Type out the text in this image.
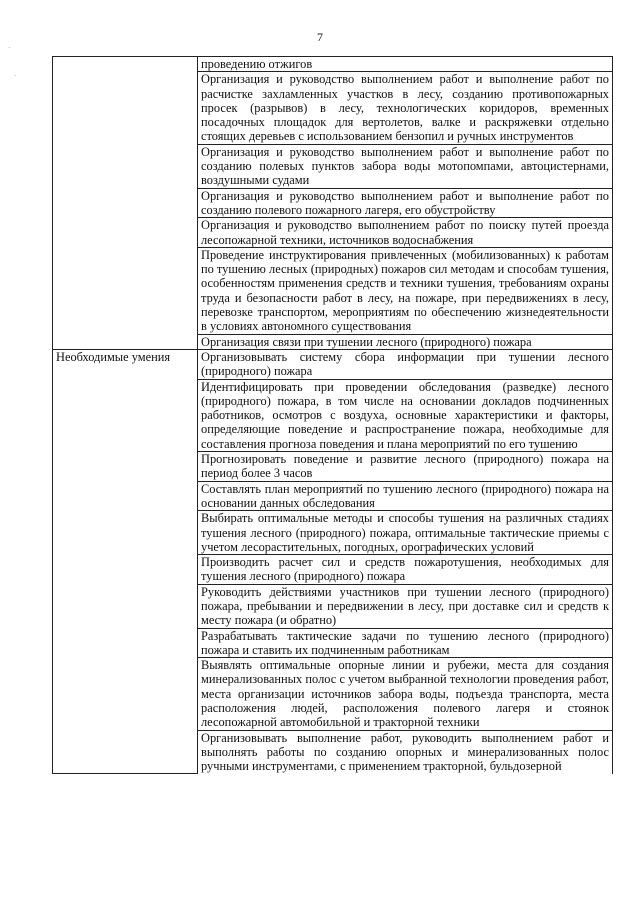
7
·
·
	проведению отжигов
	Организация и руководство выполнением работ и выполнение работ по расчистке захламленных участков в лесу, созданию противопожарных просек (разрывов) в лесу, технологических коридоров, временных посадочных площадок для вертолетов, валке и раскряжевки отдельно стоящих деревьев с использованием бензопил и ручных инструментов
	Организация и руководство выполнением работ и выполнение работ по созданию полевых пунктов забора воды мотопомпами, автоцистернами, воздушными судами
	Организация и руководство выполнением работ и выполнение работ по созданию полевого пожарного лагеря, его обустройству
	Организация и руководство выполнением работ по поиску путей проезда лесопожарной техники, источников водоснабжения
	Проведение инструктирования привлеченных (мобилизованных) к работам по тушению лесных (природных) пожаров сил методам и способам тушения, особенностям применения средств и техники тушения, требованиям охраны труда и безопасности работ в лесу, на пожаре, при передвижениях в лесу, перевозке транспортом, мероприятиям по обеспечению жизнедеятельности в условиях автономного существования
	Организация связи при тушении лесного (природного) пожара
Необходимые умения	Организовывать систему сбора информации при тушении лесного (природного) пожара
	Идентифицировать при проведении обследования (разведке) лесного (природного) пожара, в том числе на основании докладов подчиненных работников, осмотров с воздуха, основные характеристики и факторы, определяющие поведение и распространение пожара, необходимые для составления прогноза поведения и плана мероприятий по его тушению
	Прогнозировать поведение и развитие лесного (природного) пожара на период более 3 часов
	Составлять план мероприятий по тушению лесного (природного) пожара на основании данных обследования
	Выбирать оптимальные методы и способы тушения на различных стадиях тушения лесного (природного) пожара, оптимальные тактические приемы с учетом лесорастительных, погодных, орографических условий
	Производить расчет сил и средств пожаротушения, необходимых для тушения лесного (природного) пожара
	Руководить действиями участников при тушении лесного (природного) пожара, пребывании и передвижении в лесу, при доставке сил и средств к месту пожара (и обратно)
	Разрабатывать тактические задачи по тушению лесного (природного) пожара и ставить их подчиненным работникам
	Выявлять оптимальные опорные линии и рубежи, места для создания минерализованных полос с учетом выбранной технологии проведения работ, места организации источников забора воды, подъезда транспорта, места расположения людей, расположения полевого лагеря и стоянок лесопожарной автомобильной и тракторной техники
	Организовывать выполнение работ, руководить выполнением работ и выполнять работы по созданию опорных и минерализованных полос ручными инструментами, с применением тракторной, бульдозерной
